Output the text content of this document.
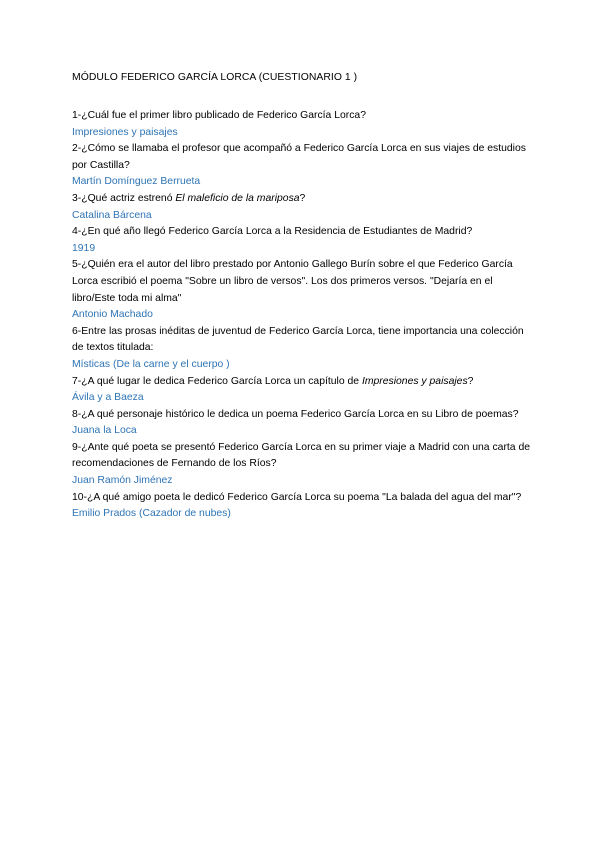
MÓDULO FEDERICO GARCÍA LORCA (CUESTIONARIO 1 )

1-¿Cuál fue el primer libro publicado de Federico García Lorca?

Impresiones y paisajes

2-¿Cómo se llamaba el profesor que acompañó a Federico García Lorca en sus viajes de estudios por Castilla?

Martín Domínguez Berrueta

3-¿Qué actriz estrenó El maleficio de la mariposa?

Catalina Bárcena

4-¿En qué año llegó Federico García Lorca a la Residencia de Estudiantes de Madrid?

1919

5-¿Quién era el autor del libro prestado por Antonio Gallego Burín sobre el que Federico García Lorca escribió el poema "Sobre un libro de versos". Los dos primeros versos. "Dejaría en el libro/Este toda mi alma"

Antonio Machado

6-Entre las prosas inéditas de juventud de Federico García Lorca, tiene importancia una colección de textos titulada:

Místicas (De la carne y el cuerpo )

7-¿A qué lugar le dedica Federico García Lorca un capítulo de Impresiones y paisajes?

Ávila y a Baeza

8-¿A qué personaje histórico le dedica un poema Federico García Lorca en su Libro de poemas?

Juana la Loca

9-¿Ante qué poeta se presentó Federico García Lorca en su primer viaje a Madrid con una carta de recomendaciones de Fernando de los Ríos?

Juan Ramón Jiménez

10-¿A qué amigo poeta le dedicó Federico García Lorca su poema "La balada del agua del mar"?

Emilio Prados (Cazador de nubes)
